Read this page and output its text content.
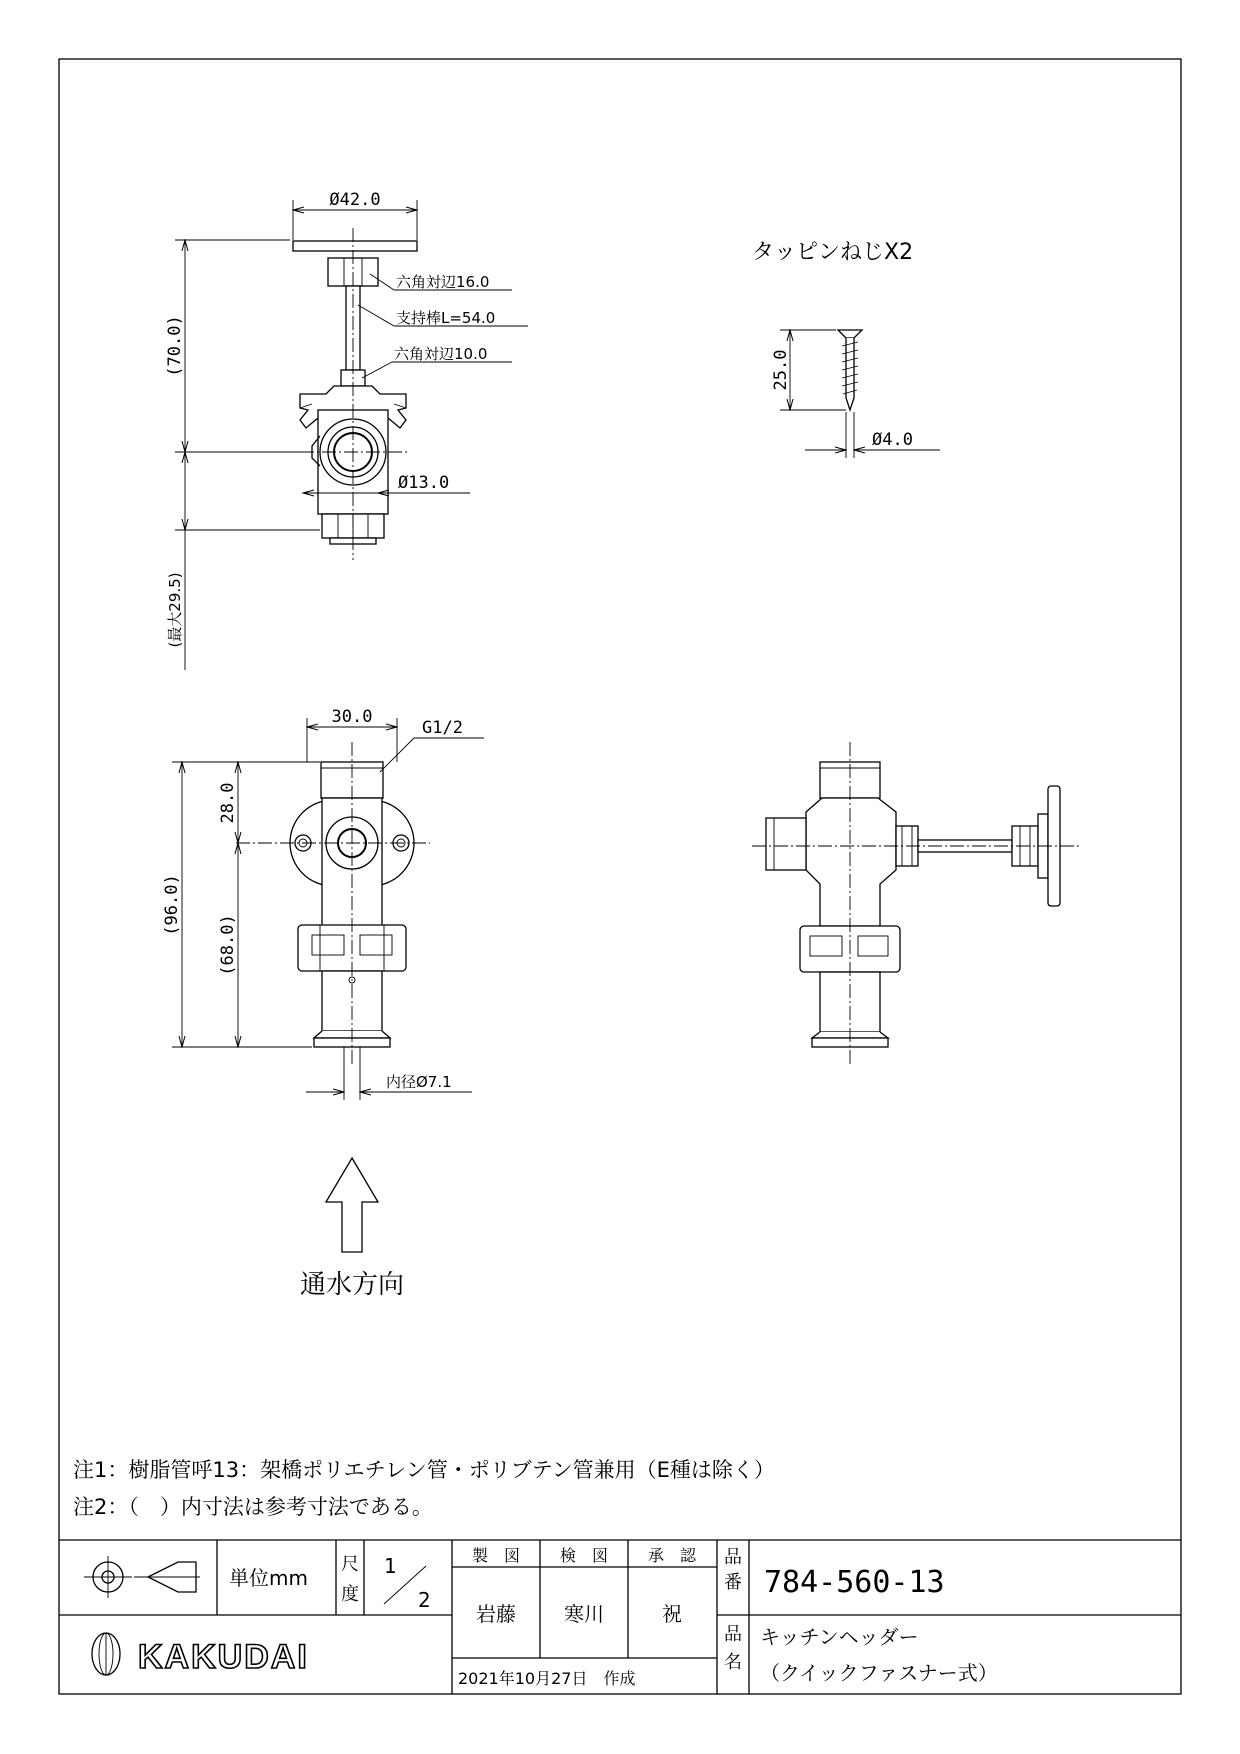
Ø42.0
六角対辺16.0
支持棒L=54.0
六角対辺10.0
Ø13.0
(70.0)
(最大29.5)
タッピンねじX2
25.0
Ø4.0
30.0
G1/2
(96.0)
28.0
(68.0)
内径Ø7.1
通水方向
注1：樹脂管呼13：架橋ポリエチレン管・ポリブテン管兼用（E種は除く）
注2：（　）内寸法は参考寸法である。
単位mm
尺
度
1
2
製　図 検　図 承　認
岩藤 寒川	祝
2021年10月27日　作成
品
番 784-560-13
品
名
キッチンヘッダー
（クイックファスナー式）
KAKUDAI
